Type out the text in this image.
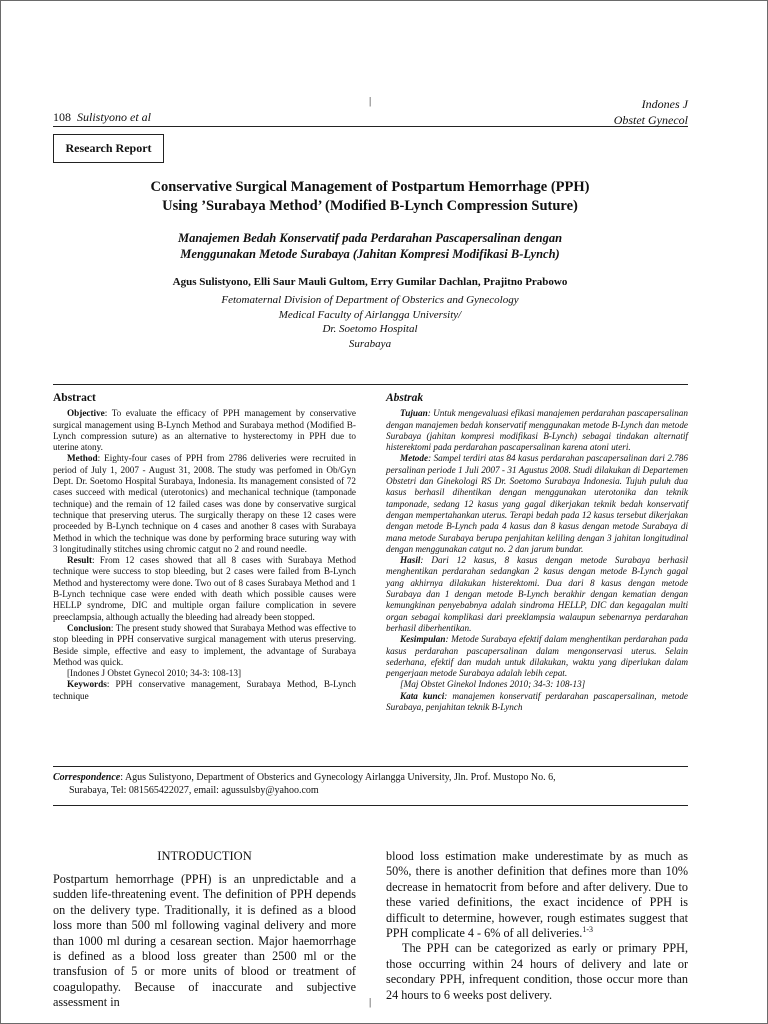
108 Sulistyono et al
|	Indones J
Obstet Gynecol
Research Report
Conservative Surgical Management of Postpartum Hemorrhage (PPH)
Using ’Surabaya Method’ (Modified B-Lynch Compression Suture)
Manajemen Bedah Konservatif pada Perdarahan Pascapersalinan dengan
Menggunakan Metode Surabaya (Jahitan Kompresi Modifikasi B-Lynch)
Agus Sulistyono, Elli Saur Mauli Gultom, Erry Gumilar Dachlan, Prajitno Prabowo
Fetomaternal Division of Department of Obsterics and Gynecology
Medical Faculty of Airlangga University/
Dr. Soetomo Hospital
Surabaya
Abstract

Objective: To evaluate the efficacy of PPH management by conservative surgical management using B-Lynch Method and Surabaya method (Modified B-Lynch compression suture) as an alternative to hysterectomy in PPH due to uterine atony.

Method: Eighty-four cases of PPH from 2786 deliveries were recruited in period of July 1, 2007 - August 31, 2008. The study was perfomed in Ob/Gyn Dept. Dr. Soetomo Hospital Surabaya, Indonesia. Its management consisted of 72 cases succeed with medical (uterotonics) and mechanical technique (tamponade technique) and the remain of 12 failed cases was done by conservative surgical technique that preserving uterus. The surgically therapy on these 12 cases were proceeded by B-Lynch technique on 4 cases and another 8 cases with Surabaya Method in which the technique was done by performing brace suturing way with 3 longitudinally stitches using chromic catgut no 2 and round needle.

Result: From 12 cases showed that all 8 cases with Surabaya Method technique were success to stop bleeding, but 2 cases were failed from B-Lynch Method and hysterectomy were done. Two out of 8 cases Surabaya Method and 1 B-Lynch technique case were ended with death which possible causes were HELLP syndrome, DIC and multiple organ failure complication in severe preeclampsia, although actually the bleeding had already been stopped.

Conclusion: The present study showed that Surabaya Method was effective to stop bleeding in PPH conservative surgical management with uterus preserving. Beside simple, effective and easy to implement, the advantage of Surabaya Method was quick.

[Indones J Obstet Gynecol 2010; 34-3: 108-13]

Keywords: PPH conservative management, Surabaya Method, B-Lynch technique

Abstrak

Tujuan: Untuk mengevaluasi efikasi manajemen perdarahan pascapersalinan dengan manajemen bedah konservatif menggunakan metode B-Lynch dan metode Surabaya (jahitan kompresi modifikasi B-Lynch) sebagai tindakan alternatif histerektomi pada perdarahan pascapersalinan karena atoni uteri.

Metode: Sampel terdiri atas 84 kasus perdarahan pascapersalinan dari 2.786 persalinan periode 1 Juli 2007 - 31 Agustus 2008. Studi dilakukan di Departemen Obstetri dan Ginekologi RS Dr. Soetomo Surabaya Indonesia. Tujuh puluh dua kasus berhasil dihentikan dengan menggunakan uterotonika dan teknik tamponade, sedang 12 kasus yang gagal dikerjakan teknik bedah konservatif dengan mempertahankan uterus. Terapi bedah pada 12 kasus tersebut dikerjakan dengan metode B-Lynch pada 4 kasus dan 8 kasus dengan metode Surabaya di mana metode Surabaya berupa penjahitan keliling dengan 3 jahitan longitudinal dengan menggunakan catgut no. 2 dan jarum bundar.

Hasil: Dari 12 kasus, 8 kasus dengan metode Surabaya berhasil menghentikan perdarahan sedangkan 2 kasus dengan metode B-Lynch gagal yang akhirnya dilakukan histerektomi. Dua dari 8 kasus dengan metode Surabaya dan 1 dengan metode B-Lynch berakhir dengan kematian dengan kemungkinan penyebabnya adalah sindroma HELLP, DIC dan kegagalan multi organ sebagai komplikasi dari preeklampsia walaupun sebenarnya perdarahan berhasil diberhentikan.

Kesimpulan: Metode Surabaya efektif dalam menghentikan perdarahan pada kasus perdarahan pascapersalinan dalam mengonservasi uterus. Selain sederhana, efektif dan mudah untuk dilakukan, waktu yang diperlukan dalam pengerjaan metode Surabaya adalah lebih cepat.

[Maj Obstet Ginekol Indones 2010; 34-3: 108-13]

Kata kunci: manajemen konservatif perdarahan pascapersalinan, metode Surabaya, penjahitan teknik B-Lynch

Correspondence: Agus Sulistyono, Department of Obsterics and Gynecology Airlangga University, Jln. Prof. Mustopo No. 6,
Surabaya, Tel: 081565422027, email: agussulsby@yahoo.com
INTRODUCTION

Postpartum hemorrhage (PPH) is an unpredictable and a sudden life-threatening event. The definition of PPH depends on the delivery type. Traditionally, it is defined as a blood loss more than 500 ml following vaginal delivery and more than 1000 ml during a cesarean section. Major haemorrhage is defined as a blood loss greater than 2500 ml or the transfusion of 5 or more units of blood or treatment of coagulopathy. Because of inaccurate and subjective assessment in

blood loss estimation make underestimate by as much as 50%, there is another definition that defines more than 10% decrease in hematocrit from before and after delivery. Due to these varied definitions, the exact incidence of PPH is difficult to determine, however, rough estimates suggest that PPH complicate 4 - 6% of all deliveries.$^{1-3}$

The PPH can be categorized as early or primary PPH, those occurring within 24 hours of delivery and late or secondary PPH, infrequent condition, those occur more than 24 hours to 6 weeks post delivery.

|
